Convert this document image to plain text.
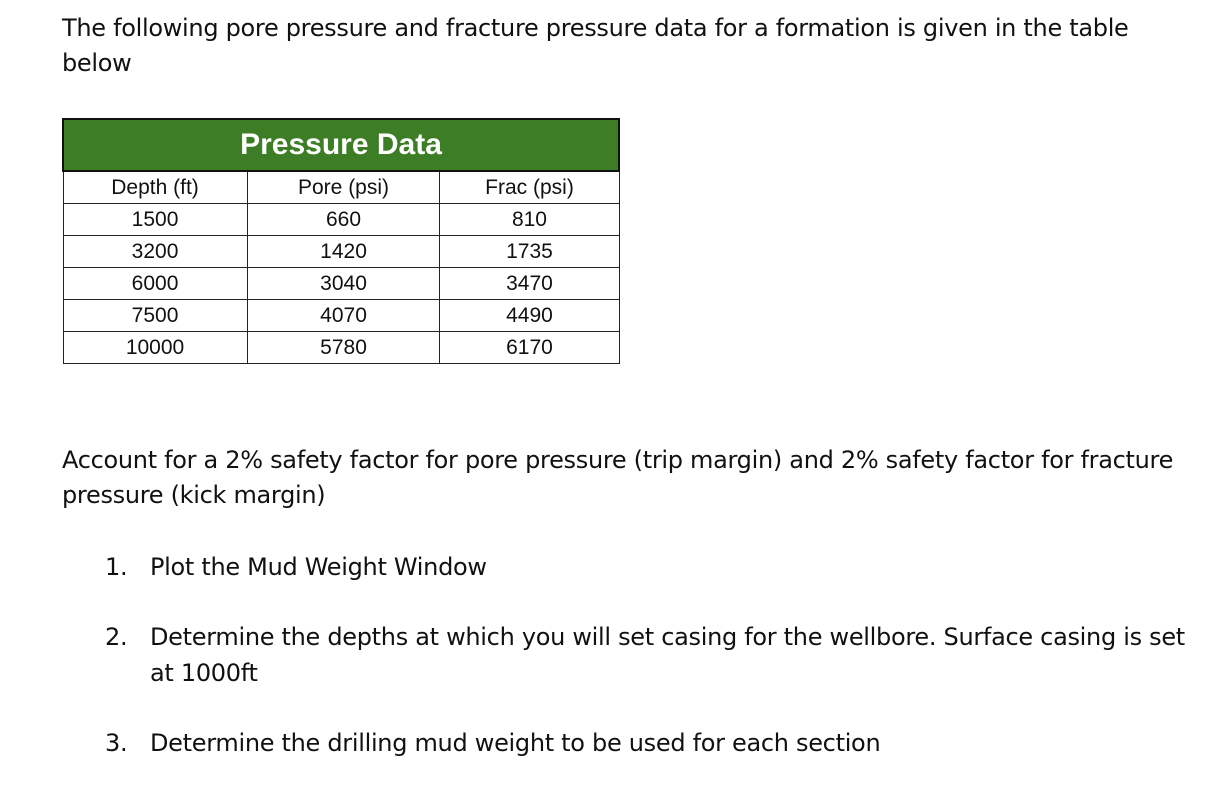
The following pore pressure and fracture pressure data for a formation is given in the table below

Pressure Data		
Depth (ft)	Pore (psi)	Frac (psi)
1500	660	810
3200	1420	1735
6000	3040	3470
7500	4070	4490
10000	5780	6170

Account for a 2% safety factor for pore pressure (trip margin) and 2% safety factor for fracture pressure (kick margin)

1. Plot the Mud Weight Window
2. Determine the depths at which you will set casing for the wellbore. Surface casing is set at 1000ft
3. Determine the drilling mud weight to be used for each section
